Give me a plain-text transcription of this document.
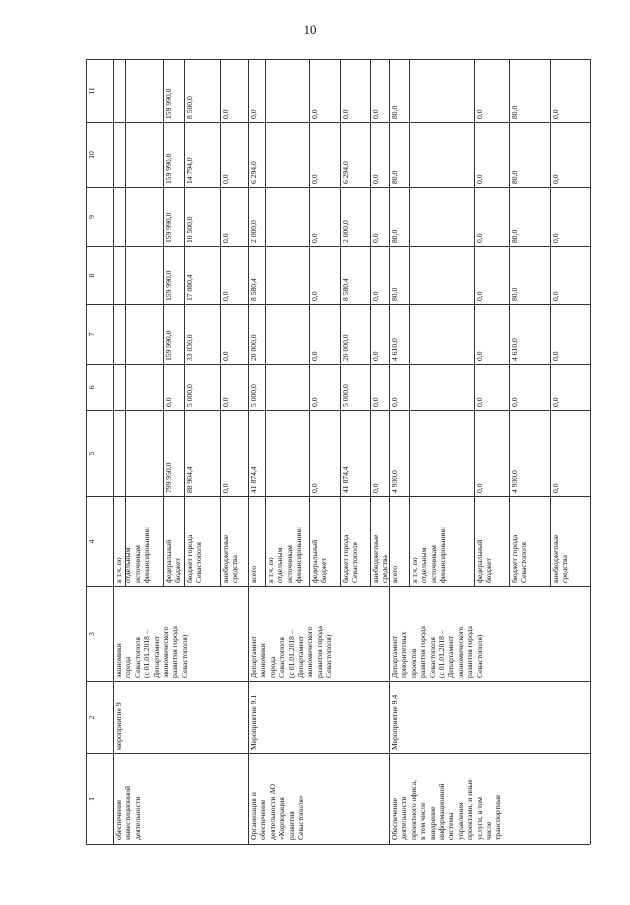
10
1
2
3
4
5
6
7
8
9
10
11
обеспечение
инвестиционной
деятельности
мероприятие 9
экономики
города
Севастополя
(с 01.01.2018 –
Департамент
экономического
развития города
Севастополя)
в т.ч. по
отдельным
источникам
финансирования: федеральный
бюджет
799 950,0
0,0
159 990,0
159 990,0
159 990,0
159 990,0
159 990,0
бюджет города
Севастополя
88 904,4
5 000,0
33 030,0
17 080,4
10 500,0
14 794,0
8 500,0
внебюджетные
средства
0,0
0,0
0,0
0,0
0,0
0,0
0,0
Организация и
обеспечение
деятельности АО
«Корпорация
развития
Севастополя»
Мероприятие 9.1
Департамент
экономики
города
Севастополя
(с 01.01.2018 –
Департамент
экономического
развития города
Севастополя)
всего
41 874,4
5 000,0
20 000,0
8 580,4
2 000,0
6 294,0
0,0
в т.ч. по
отдельным
источникам
финансирования: федеральный
бюджет
0,0
0,0
0,0
0,0
0,0
0,0
0,0
бюджет города
Севастополя
41 874,4
5 000,0
20 000,0
8 580,4
2 000,0
6 294,0
0,0
внебюджетные
средства
0,0
0,0
0,0
0,0
0,0
0,0
0,0
Обеспечение
деятельности
проектного офиса,
в том числе
внедрение
информационной
системы
управления
проектами, и иные
услуги, в том
числе
транспортные
Мероприятие 9.4
Департамент
приоритетных
проектов
развития города
Севастополя
(с 01.01.2018 –
Департамент
экономического
развития города
Севастополя)
всего
4 930,0
0,0
4 610,0
80,0
80,0
80,0
80,0
в т.ч. по
отдельным
источникам
финансирования:	федеральный
бюджет
0,0
0,0
0,0
0,0
0,0
0,0
0,0
бюджет города
Севастополя
4 930,0
0,0
4 610,0
80,0
80,0
80,0
80,0
внебюджетные
средства
0,0
0,0
0,0
0,0
0,0
0,0
0,0
